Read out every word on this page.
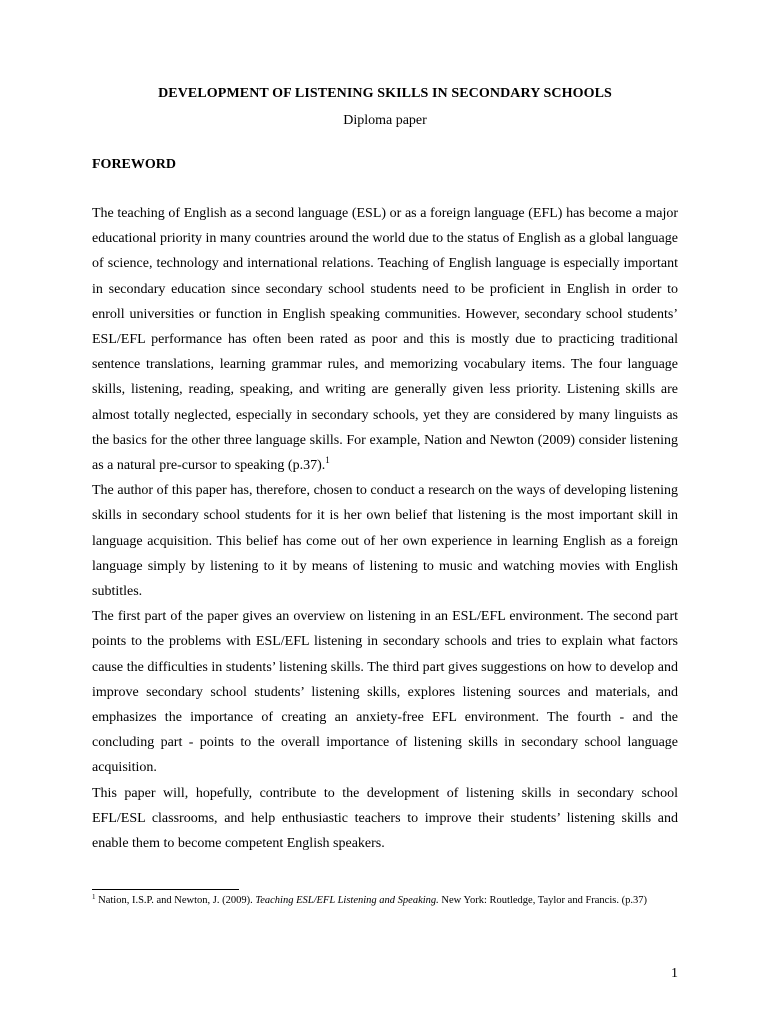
DEVELOPMENT OF LISTENING SKILLS IN SECONDARY SCHOOLS

Diploma paper

FOREWORD

The teaching of English as a second language (ESL) or as a foreign language (EFL) has become a major educational priority in many countries around the world due to the status of English as a global language of science, technology and international relations. Teaching of English language is especially important in secondary education since secondary school students need to be proficient in English in order to enroll universities or function in English speaking communities. However, secondary school students’ ESL/EFL performance has often been rated as poor and this is mostly due to practicing traditional sentence translations, learning grammar rules, and memorizing vocabulary items. The four language skills, listening, reading, speaking, and writing are generally given less priority. Listening skills are almost totally neglected, especially in secondary schools, yet they are considered by many linguists as the basics for the other three language skills. For example, Nation and Newton (2009) consider listening as a natural pre-cursor to speaking (p.37).$^1$

The author of this paper has, therefore, chosen to conduct a research on the ways of developing listening skills in secondary school students for it is her own belief that listening is the most important skill in language acquisition. This belief has come out of her own experience in learning English as a foreign language simply by listening to it by means of listening to music and watching movies with English subtitles.

The first part of the paper gives an overview on listening in an ESL/EFL environment. The second part points to the problems with ESL/EFL listening in secondary schools and tries to explain what factors cause the difficulties in students’ listening skills. The third part gives suggestions on how to develop and improve secondary school students’ listening skills, explores listening sources and materials, and emphasizes the importance of creating an anxiety-free EFL environment. The fourth - and the concluding part - points to the overall importance of listening skills in secondary school language acquisition.

This paper will, hopefully, contribute to the development of listening skills in secondary school EFL/ESL classrooms, and help enthusiastic teachers to improve their students’ listening skills and enable them to become competent English speakers.

$^1$ Nation, I.S.P. and Newton, J. (2009). Teaching ESL/EFL Listening and Speaking. New York: Routledge, Taylor and Francis. (p.37)

1
